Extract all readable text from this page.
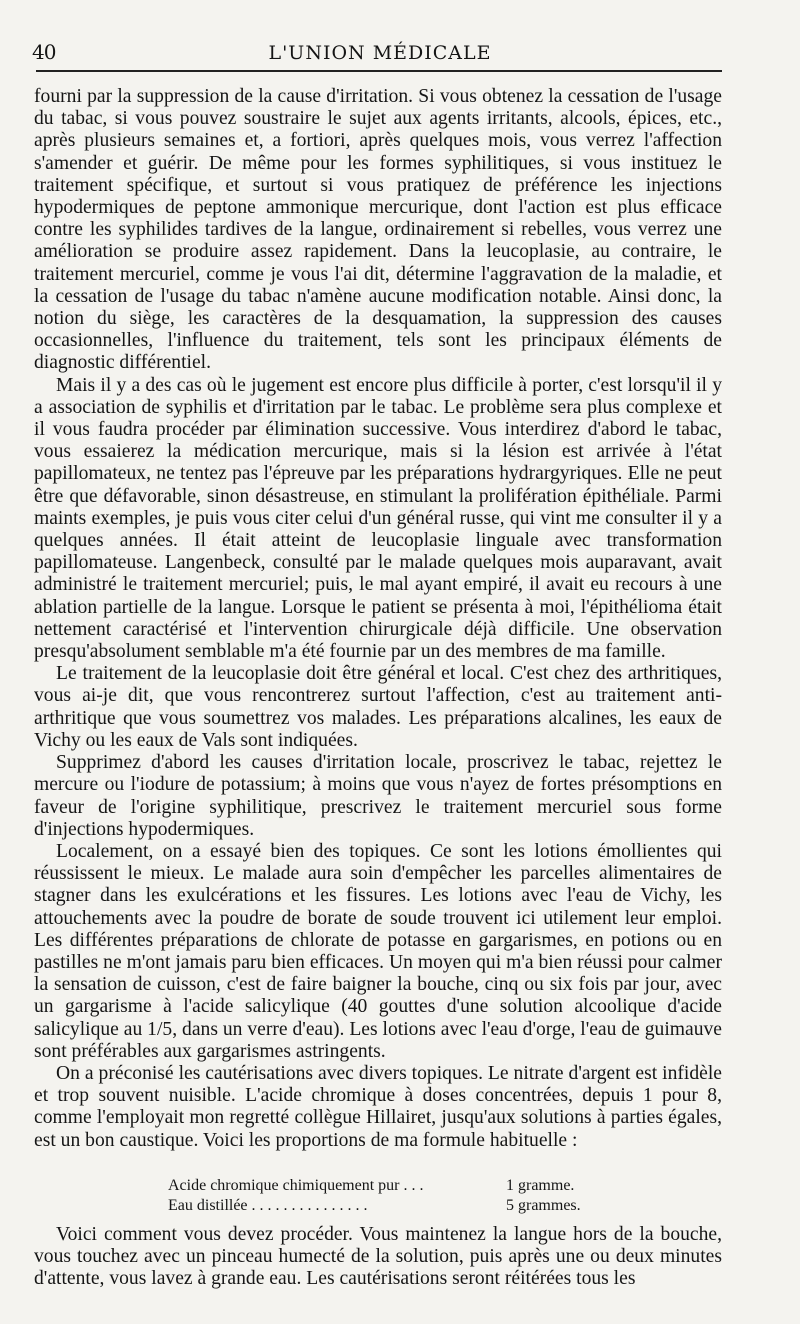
40	L'UNION MÉDICALE

fourni par la suppression de la cause d'irritation. Si vous obtenez la cessation de l'usage du tabac, si vous pouvez soustraire le sujet aux agents irritants, alcools, épices, etc., après plusieurs semaines et, a fortiori, après quelques mois, vous verrez l'affection s'amender et guérir. De même pour les formes syphilitiques, si vous instituez le traitement spécifique, et surtout si vous pratiquez de préférence les injections hypodermiques de peptone ammonique mercurique, dont l'action est plus efficace contre les syphilides tardives de la langue, ordinairement si rebelles, vous verrez une amélioration se produire assez rapidement. Dans la leucoplasie, au contraire, le traitement mercuriel, comme je vous l'ai dit, détermine l'aggravation de la maladie, et la cessation de l'usage du tabac n'amène aucune modification notable. Ainsi donc, la notion du siège, les caractères de la desquamation, la suppression des causes occasionnelles, l'influence du traitement, tels sont les principaux éléments de diagnostic différentiel.

Mais il y a des cas où le jugement est encore plus difficile à porter, c'est lorsqu'il il y a association de syphilis et d'irritation par le tabac. Le problème sera plus complexe et il vous faudra procéder par élimination successive. Vous interdirez d'abord le tabac, vous essaierez la médication mercurique, mais si la lésion est arrivée à l'état papillomateux, ne tentez pas l'épreuve par les préparations hydrargyriques. Elle ne peut être que défavorable, sinon désastreuse, en stimulant la prolifération épithéliale. Parmi maints exemples, je puis vous citer celui d'un général russe, qui vint me consulter il y a quelques années. Il était atteint de leucoplasie linguale avec transformation papillomateuse. Langenbeck, consulté par le malade quelques mois auparavant, avait administré le traitement mercuriel; puis, le mal ayant empiré, il avait eu recours à une ablation partielle de la langue. Lorsque le patient se présenta à moi, l'épithélioma était nettement caractérisé et l'intervention chirurgicale déjà difficile. Une observation presqu'absolument semblable m'a été fournie par un des membres de ma famille.

Le traitement de la leucoplasie doit être général et local. C'est chez des arthritiques, vous ai-je dit, que vous rencontrerez surtout l'affection, c'est au traitement anti-arthritique que vous soumettrez vos malades. Les préparations alcalines, les eaux de Vichy ou les eaux de Vals sont indiquées.

Supprimez d'abord les causes d'irritation locale, proscrivez le tabac, rejettez le mercure ou l'iodure de potassium; à moins que vous n'ayez de fortes présomptions en faveur de l'origine syphilitique, prescrivez le traitement mercuriel sous forme d'injections hypodermiques.

Localement, on a essayé bien des topiques. Ce sont les lotions émollientes qui réussissent le mieux. Le malade aura soin d'empêcher les parcelles alimentaires de stagner dans les exulcérations et les fissures. Les lotions avec l'eau de Vichy, les attouchements avec la poudre de borate de soude trouvent ici utilement leur emploi. Les différentes préparations de chlorate de potasse en gargarismes, en potions ou en pastilles ne m'ont jamais paru bien efficaces. Un moyen qui m'a bien réussi pour calmer la sensation de cuisson, c'est de faire baigner la bouche, cinq ou six fois par jour, avec un gargarisme à l'acide salicylique (40 gouttes d'une solution alcoolique d'acide salicylique au 1/5, dans un verre d'eau). Les lotions avec l'eau d'orge, l'eau de guimauve sont préférables aux gargarismes astringents.

On a préconisé les cautérisations avec divers topiques. Le nitrate d'argent est infidèle et trop souvent nuisible. L'acide chromique à doses concentrées, depuis 1 pour 8, comme l'employait mon regretté collègue Hillairet, jusqu'aux solutions à parties égales, est un bon caustique. Voici les proportions de ma formule habituelle :

Acide chromique chimiquement pur . . .	1 gramme.
Eau distillée . . . . . . . . . . . . . . .	5 grammes.

Voici comment vous devez procéder. Vous maintenez la langue hors de la bouche, vous touchez avec un pinceau humecté de la solution, puis après une ou deux minutes d'attente, vous lavez à grande eau. Les cautérisations seront réitérées tous les
